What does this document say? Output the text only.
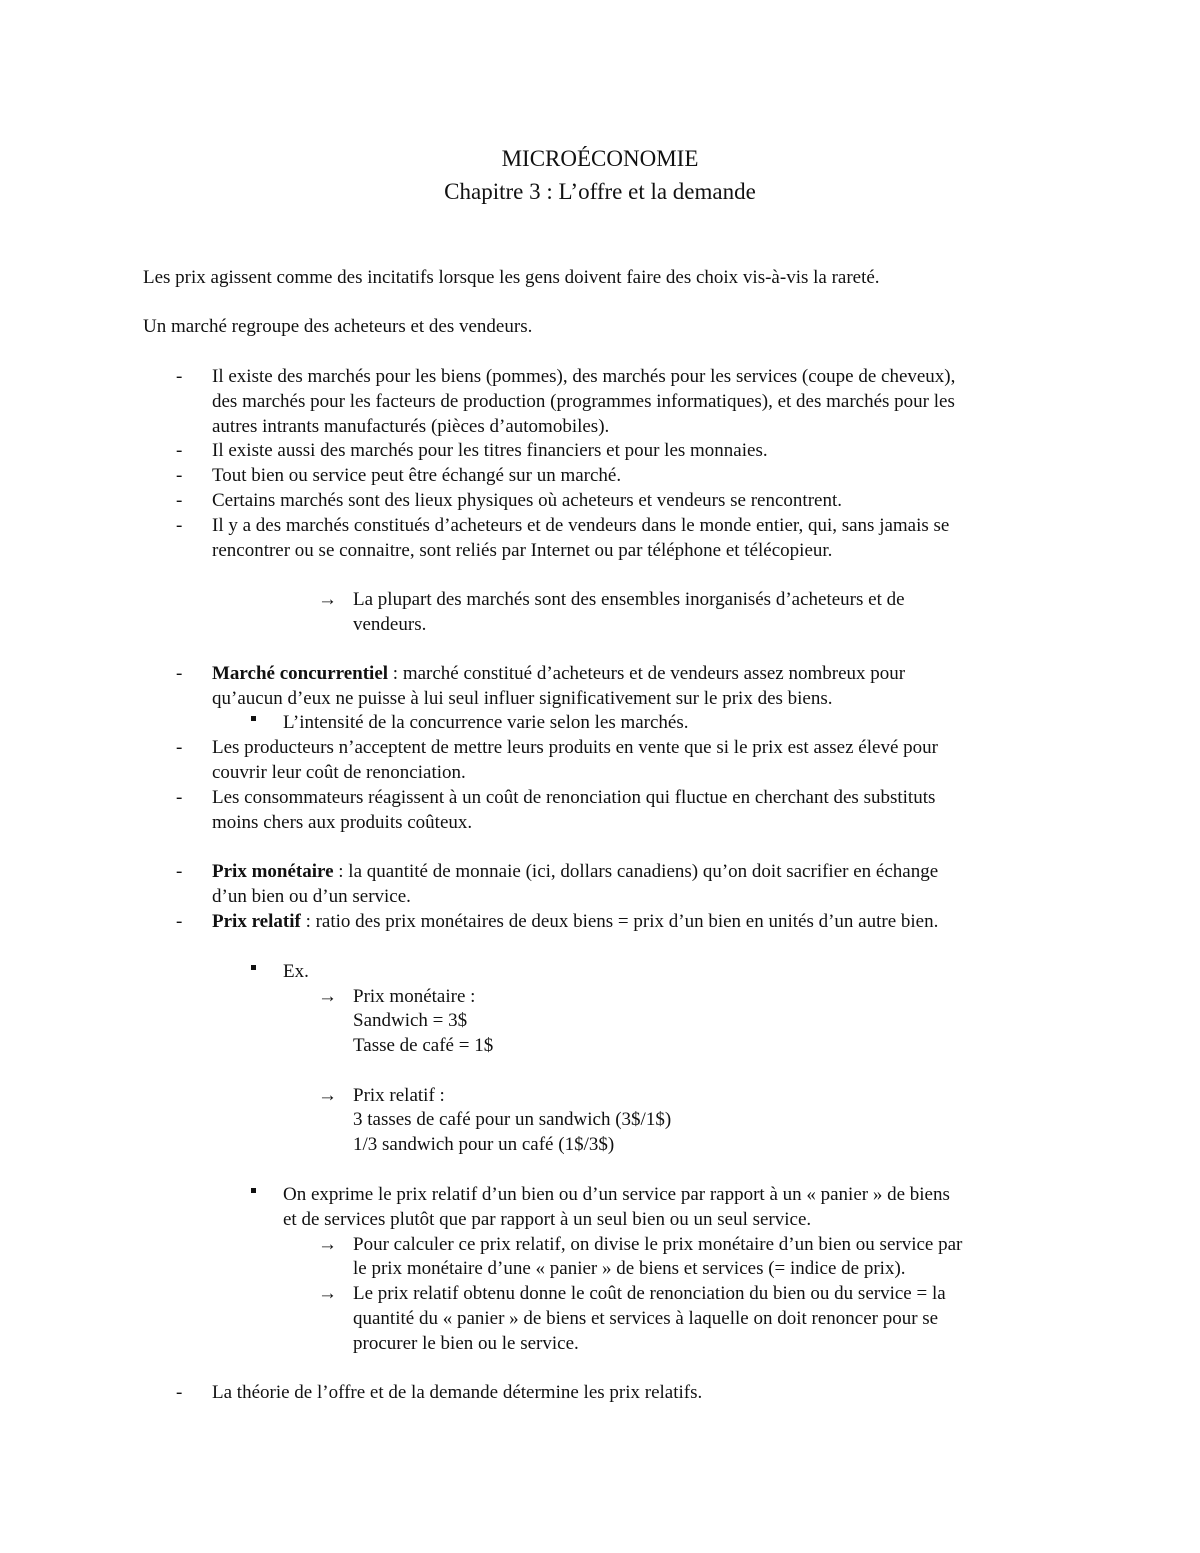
MICROÉCONOMIE
Chapitre 3 : L’offre et la demande
Les prix agissent comme des incitatifs lorsque les gens doivent faire des choix vis-à-vis la rareté.
Un marché regroupe des acheteurs et des vendeurs.
- Il existe des marchés pour les biens (pommes), des marchés pour les services (coupe de cheveux),
des marchés pour les facteurs de production (programmes informatiques), et des marchés pour les
autres intrants manufacturés (pièces d’automobiles).
- Il existe aussi des marchés pour les titres financiers et pour les monnaies.
- Tout bien ou service peut être échangé sur un marché.
- Certains marchés sont des lieux physiques où acheteurs et vendeurs se rencontrent.
- Il y a des marchés constitués d’acheteurs et de vendeurs dans le monde entier, qui, sans jamais se
rencontrer ou se connaitre, sont reliés par Internet ou par téléphone et télécopieur.
→ La plupart des marchés sont des ensembles inorganisés d’acheteurs et de
vendeurs.
- Marché concurrentiel : marché constitué d’acheteurs et de vendeurs assez nombreux pour
qu’aucun d’eux ne puisse à lui seul influer significativement sur le prix des biens.
L’intensité de la concurrence varie selon les marchés.
- Les producteurs n’acceptent de mettre leurs produits en vente que si le prix est assez élevé pour
couvrir leur coût de renonciation.
- Les consommateurs réagissent à un coût de renonciation qui fluctue en cherchant des substituts
moins chers aux produits coûteux.
- Prix monétaire : la quantité de monnaie (ici, dollars canadiens) qu’on doit sacrifier en échange
d’un bien ou d’un service.
- Prix relatif : ratio des prix monétaires de deux biens = prix d’un bien en unités d’un autre bien.
Ex.
→ Prix monétaire :
Sandwich = 3$
Tasse de café = 1$
→ Prix relatif :
3 tasses de café pour un sandwich (3$/1$)
1/3 sandwich pour un café (1$/3$)
On exprime le prix relatif d’un bien ou d’un service par rapport à un « panier » de biens
et de services plutôt que par rapport à un seul bien ou un seul service.
→ Pour calculer ce prix relatif, on divise le prix monétaire d’un bien ou service par
le prix monétaire d’une « panier » de biens et services (= indice de prix).
→ Le prix relatif obtenu donne le coût de renonciation du bien ou du service = la
quantité du « panier » de biens et services à laquelle on doit renoncer pour se
procurer le bien ou le service.
- La théorie de l’offre et de la demande détermine les prix relatifs.
